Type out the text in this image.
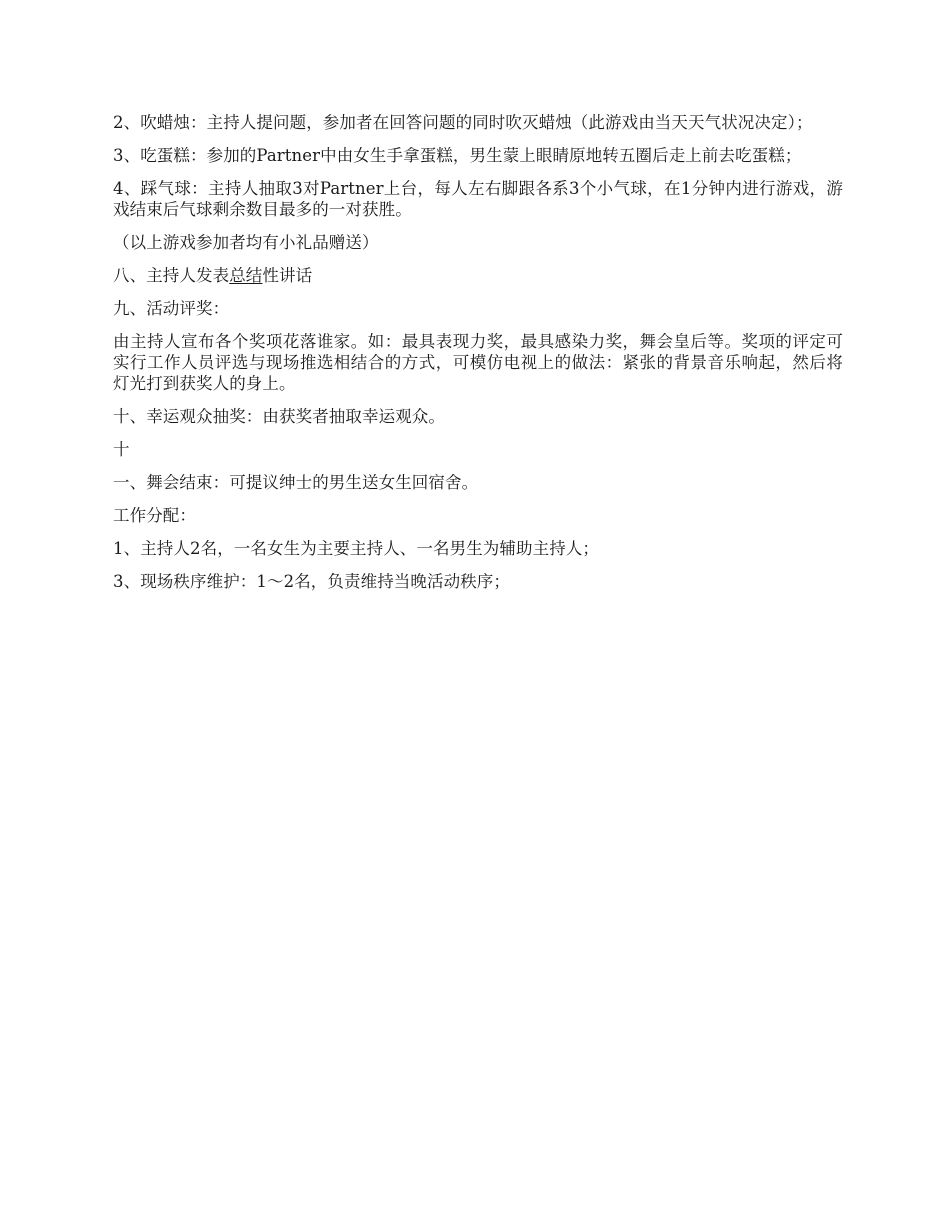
2、吹蜡烛：主持人提问题，参加者在回答问题的同时吹灭蜡烛（此游戏由当天天气状况决定）；

3、吃蛋糕：参加的Partner中由女生手拿蛋糕，男生蒙上眼睛原地转五圈后走上前去吃蛋糕；

4、踩气球：主持人抽取3对Partner上台，每人左右脚跟各系3个小气球，在1分钟内进行游戏，游戏结束后气球剩余数目最多的一对获胜。

（以上游戏参加者均有小礼品赠送）

八、主持人发表总结性讲话

九、活动评奖：

由主持人宣布各个奖项花落谁家。如：最具表现力奖，最具感染力奖，舞会皇后等。奖项的评定可实行工作人员评选与现场推选相结合的方式，可模仿电视上的做法：紧张的背景音乐响起，然后将灯光打到获奖人的身上。

十、幸运观众抽奖：由获奖者抽取幸运观众。

十

一、舞会结束：可提议绅士的男生送女生回宿舍。

工作分配：

1、主持人2名，一名女生为主要主持人、一名男生为辅助主持人；

3、现场秩序维护：1～2名，负责维持当晚活动秩序；
